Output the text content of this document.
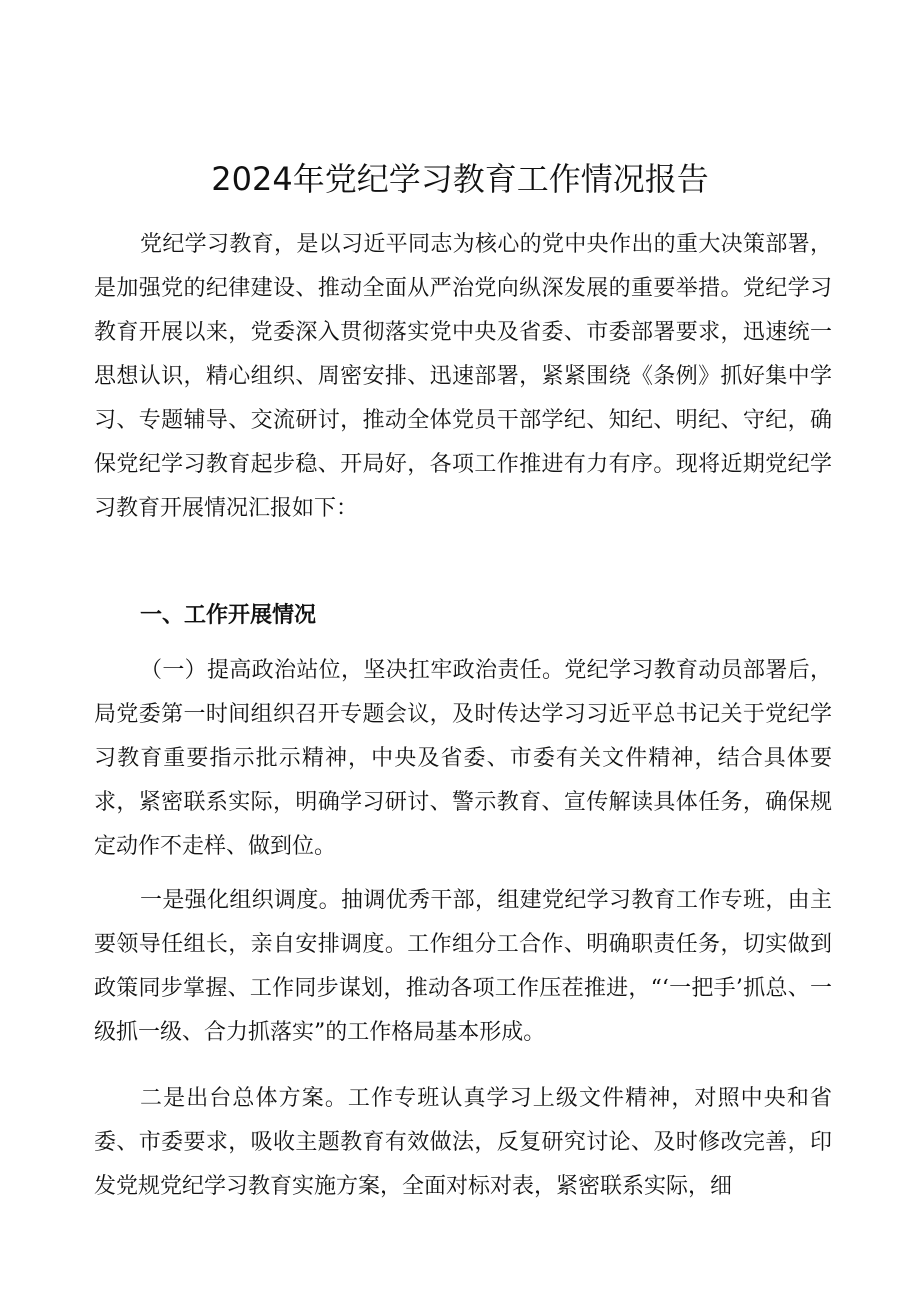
2024年党纪学习教育工作情况报告

党纪学习教育，是以习近平同志为核心的党中央作出的重大决策部署，是加强党的纪律建设、推动全面从严治党向纵深发展的重要举措。党纪学习教育开展以来，党委深入贯彻落实党中央及省委、市委部署要求，迅速统一思想认识，精心组织、周密安排、迅速部署，紧紧围绕《条例》抓好集中学习、专题辅导、交流研讨，推动全体党员干部学纪、知纪、明纪、守纪，确保党纪学习教育起步稳、开局好，各项工作推进有力有序。现将近期党纪学习教育开展情况汇报如下：

一、工作开展情况

（一）提高政治站位，坚决扛牢政治责任。党纪学习教育动员部署后，局党委第一时间组织召开专题会议，及时传达学习习近平总书记关于党纪学习教育重要指示批示精神，中央及省委、市委有关文件精神，结合具体要求，紧密联系实际，明确学习研讨、警示教育、宣传解读具体任务，确保规定动作不走样、做到位。

一是强化组织调度。抽调优秀干部，组建党纪学习教育工作专班，由主要领导任组长，亲自安排调度。工作组分工合作、明确职责任务，切实做到政策同步掌握、工作同步谋划，推动各项工作压茬推进，“‘一把手’抓总、一级抓一级、合力抓落实”的工作格局基本形成。

二是出台总体方案。工作专班认真学习上级文件精神，对照中央和省委、市委要求，吸收主题教育有效做法，反复研究讨论、及时修改完善，印发党规党纪学习教育实施方案，全面对标对表，紧密联系实际，细
